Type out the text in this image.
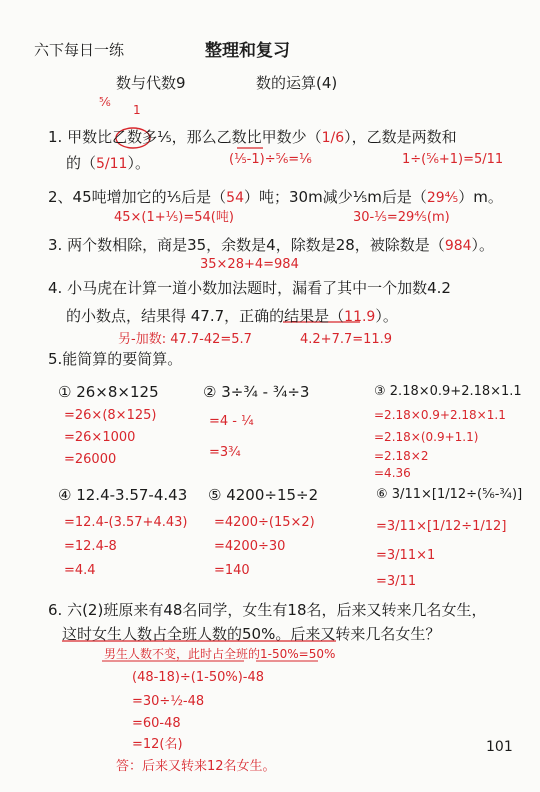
六下每日一练	整理和复习
数与代数9	数的运算(4)
⅚
1
1. 甲数比乙数多⅕，那么乙数比甲数少（1/6），乙数是两数和
的（5/11）。	(⅕-1)÷⅚=⅙	1÷(⅚+1)=5/11
2、45吨增加它的⅕后是（54）吨；30m减少⅕m后是（29⅘）m。
45×(1+⅕)=54(吨)	30-⅕=29⅘(m)
3. 两个数相除，商是35，余数是4，除数是28，被除数是（984）。
35×28+4=984
4. 小马虎在计算一道小数加法题时，漏看了其中一个加数4.2
的小数点，结果得 47.7，正确的结果是（11.9）。
另-加数: 47.7-42=5.7	4.2+7.7=11.9
5.能简算的要简算。
① 26×8×125
=26×(8×125)
=26×1000
=26000
② 3÷¾ - ¾÷3
=4 - ¼
=3¾
③ 2.18×0.9+2.18×1.1
=2.18×0.9+2.18×1.1
=2.18×(0.9+1.1)
=2.18×2
=4.36
④ 12.4-3.57-4.43
=12.4-(3.57+4.43)
=12.4-8
=4.4
⑤ 4200÷15÷2
=4200÷(15×2)
=4200÷30
=140
⑥ 3/11×[1/12÷(⅚-¾)]
=3/11×[1/12÷1/12]
=3/11×1
=3/11
6. 六(2)班原来有48名同学，女生有18名，后来又转来几名女生，
这时女生人数占全班人数的50%。后来又转来几名女生？
男生人数不变，此时占全班的1-50%=50%
(48-18)÷(1-50%)-48
=30÷½-48
=60-48
=12(名)
答：后来又转来12名女生。
101
